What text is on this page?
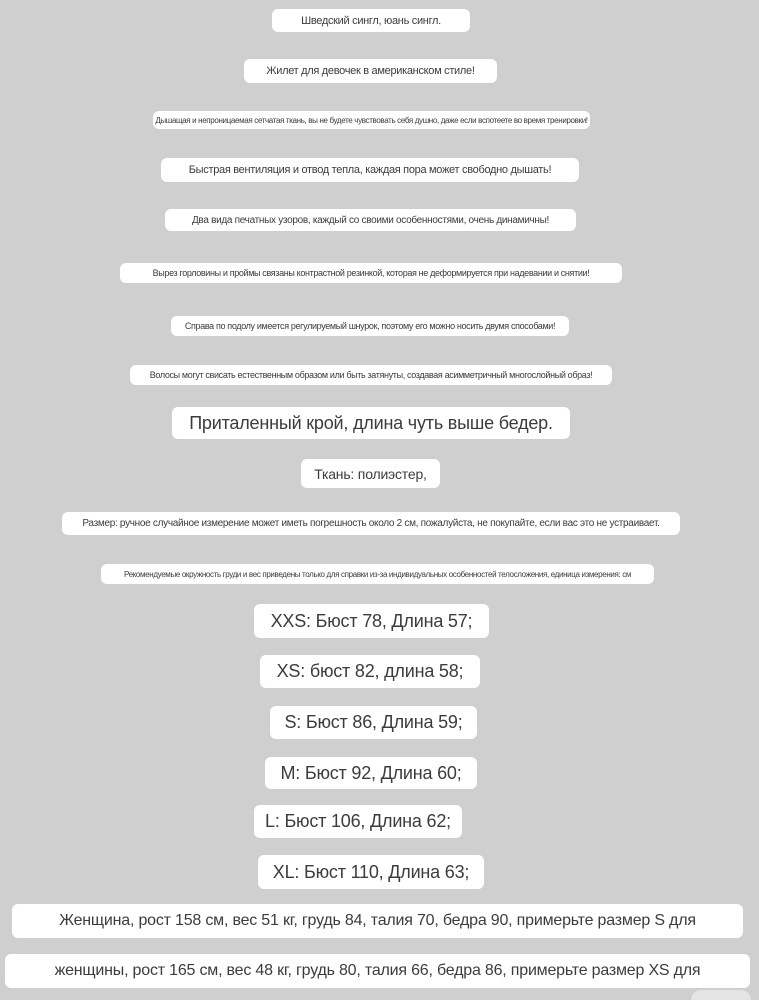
Шведский сингл, юань сингл.
Жилет для девочек в американском стиле!
Дышащая и непроницаемая сетчатая ткань, вы не будете чувствовать себя душно, даже если вспотеете во время тренировки!
Быстрая вентиляция и отвод тепла, каждая пора может свободно дышать!
Два вида печатных узоров, каждый со своими особенностями, очень динамичны!
Вырез горловины и проймы связаны контрастной резинкой, которая не деформируется при надевании и снятии!
Справа по подолу имеется регулируемый шнурок, поэтому его можно носить двумя способами!
Волосы могут свисать естественным образом или быть затянуты, создавая асимметричный многослойный образ!
Приталенный крой, длина чуть выше бедер.
Ткань: полиэстер,
Размер: ручное случайное измерение может иметь погрешность около 2 см, пожалуйста, не покупайте, если вас это не устраивает.
Рекомендуемые окружность груди и вес приведены только для справки из-за индивидуальных особенностей телосложения, единица измерения: см
XXS: Бюст 78, Длина 57;
XS: бюст 82, длина 58;
S: Бюст 86, Длина 59;
M: Бюст 92, Длина 60;
L: Бюст 106, Длина 62;
XL: Бюст 110, Длина 63;
Женщина, рост 158 см, вес 51 кг, грудь 84, талия 70, бедра 90, примерьте размер S для
женщины, рост 165 см, вес 48 кг, грудь 80, талия 66, бедра 86, примерьте размер XS для
